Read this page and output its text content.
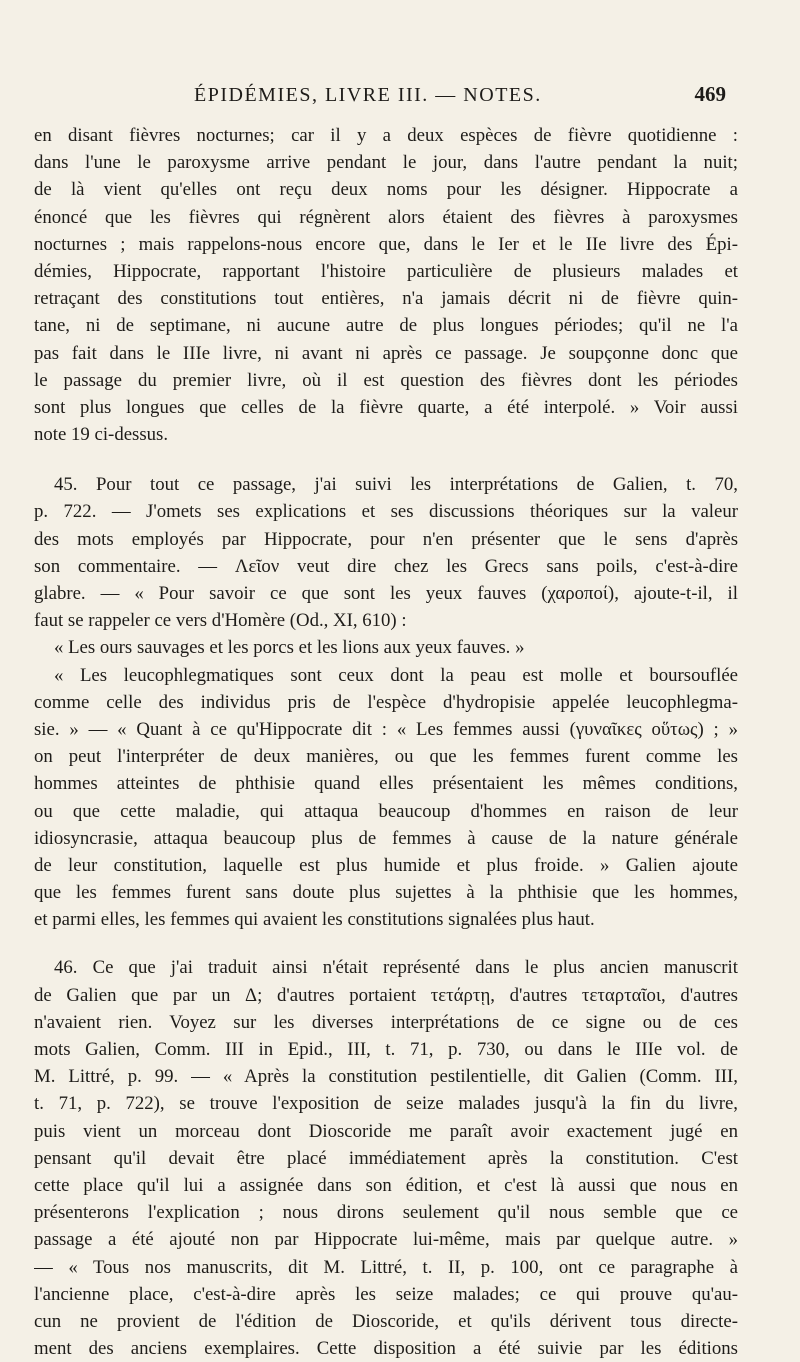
ÉPIDÉMIES, LIVRE III. — NOTES.	469
en disant fièvres nocturnes; car il y a deux espèces de fièvre quotidienne :
dans l'une le paroxysme arrive pendant le jour, dans l'autre pendant la nuit;
de là vient qu'elles ont reçu deux noms pour les désigner. Hippocrate a
énoncé que les fièvres qui régnèrent alors étaient des fièvres à paroxysmes
nocturnes ; mais rappelons-nous encore que, dans le Ier et le IIe livre des Épi-
démies, Hippocrate, rapportant l'histoire particulière de plusieurs malades et
retraçant des constitutions tout entières, n'a jamais décrit ni de fièvre quin-
tane, ni de septimane, ni aucune autre de plus longues périodes; qu'il ne l'a
pas fait dans le IIIe livre, ni avant ni après ce passage. Je soupçonne donc que
le passage du premier livre, où il est question des fièvres dont les périodes
sont plus longues que celles de la fièvre quarte, a été interpolé. » Voir aussi
note 19 ci-dessus.
45. Pour tout ce passage, j'ai suivi les interprétations de Galien, t. 70,
p. 722. — J'omets ses explications et ses discussions théoriques sur la valeur
des mots employés par Hippocrate, pour n'en présenter que le sens d'après
son commentaire. — Λεῖον veut dire chez les Grecs sans poils, c'est-à-dire
glabre. — « Pour savoir ce que sont les yeux fauves (χαροποί), ajoute-t-il, il
faut se rappeler ce vers d'Homère (Od., XI, 610) :
« Les ours sauvages et les porcs et les lions aux yeux fauves. »
« Les leucophlegmatiques sont ceux dont la peau est molle et boursouflée
comme celle des individus pris de l'espèce d'hydropisie appelée leucophlegma-
sie. » — « Quant à ce qu'Hippocrate dit : « Les femmes aussi (γυναῖκες οὕτως) ; »
on peut l'interpréter de deux manières, ou que les femmes furent comme les
hommes atteintes de phthisie quand elles présentaient les mêmes conditions,
ou que cette maladie, qui attaqua beaucoup d'hommes en raison de leur
idiosyncrasie, attaqua beaucoup plus de femmes à cause de la nature générale
de leur constitution, laquelle est plus humide et plus froide. » Galien ajoute
que les femmes furent sans doute plus sujettes à la phthisie que les hommes,
et parmi elles, les femmes qui avaient les constitutions signalées plus haut.
46. Ce que j'ai traduit ainsi n'était représenté dans le plus ancien manuscrit
de Galien que par un Δ; d'autres portaient τετάρτῃ, d'autres τεταρταῖοι, d'autres
n'avaient rien. Voyez sur les diverses interprétations de ce signe ou de ces
mots Galien, Comm. III in Epid., III, t. 71, p. 730, ou dans le IIIe vol. de
M. Littré, p. 99. — « Après la constitution pestilentielle, dit Galien (Comm. III,
t. 71, p. 722), se trouve l'exposition de seize malades jusqu'à la fin du livre,
puis vient un morceau dont Dioscoride me paraît avoir exactement jugé en
pensant qu'il devait être placé immédiatement après la constitution. C'est
cette place qu'il lui a assignée dans son édition, et c'est là aussi que nous en
présenterons l'explication ; nous dirons seulement qu'il nous semble que ce
passage a été ajouté non par Hippocrate lui-même, mais par quelque autre. »
— « Tous nos manuscrits, dit M. Littré, t. II, p. 100, ont ce paragraphe à
l'ancienne place, c'est-à-dire après les seize malades; ce qui prouve qu'au-
cun ne provient de l'édition de Dioscoride, et qu'ils dérivent tous directe-
ment des anciens exemplaires. Cette disposition a été suivie par les éditions
